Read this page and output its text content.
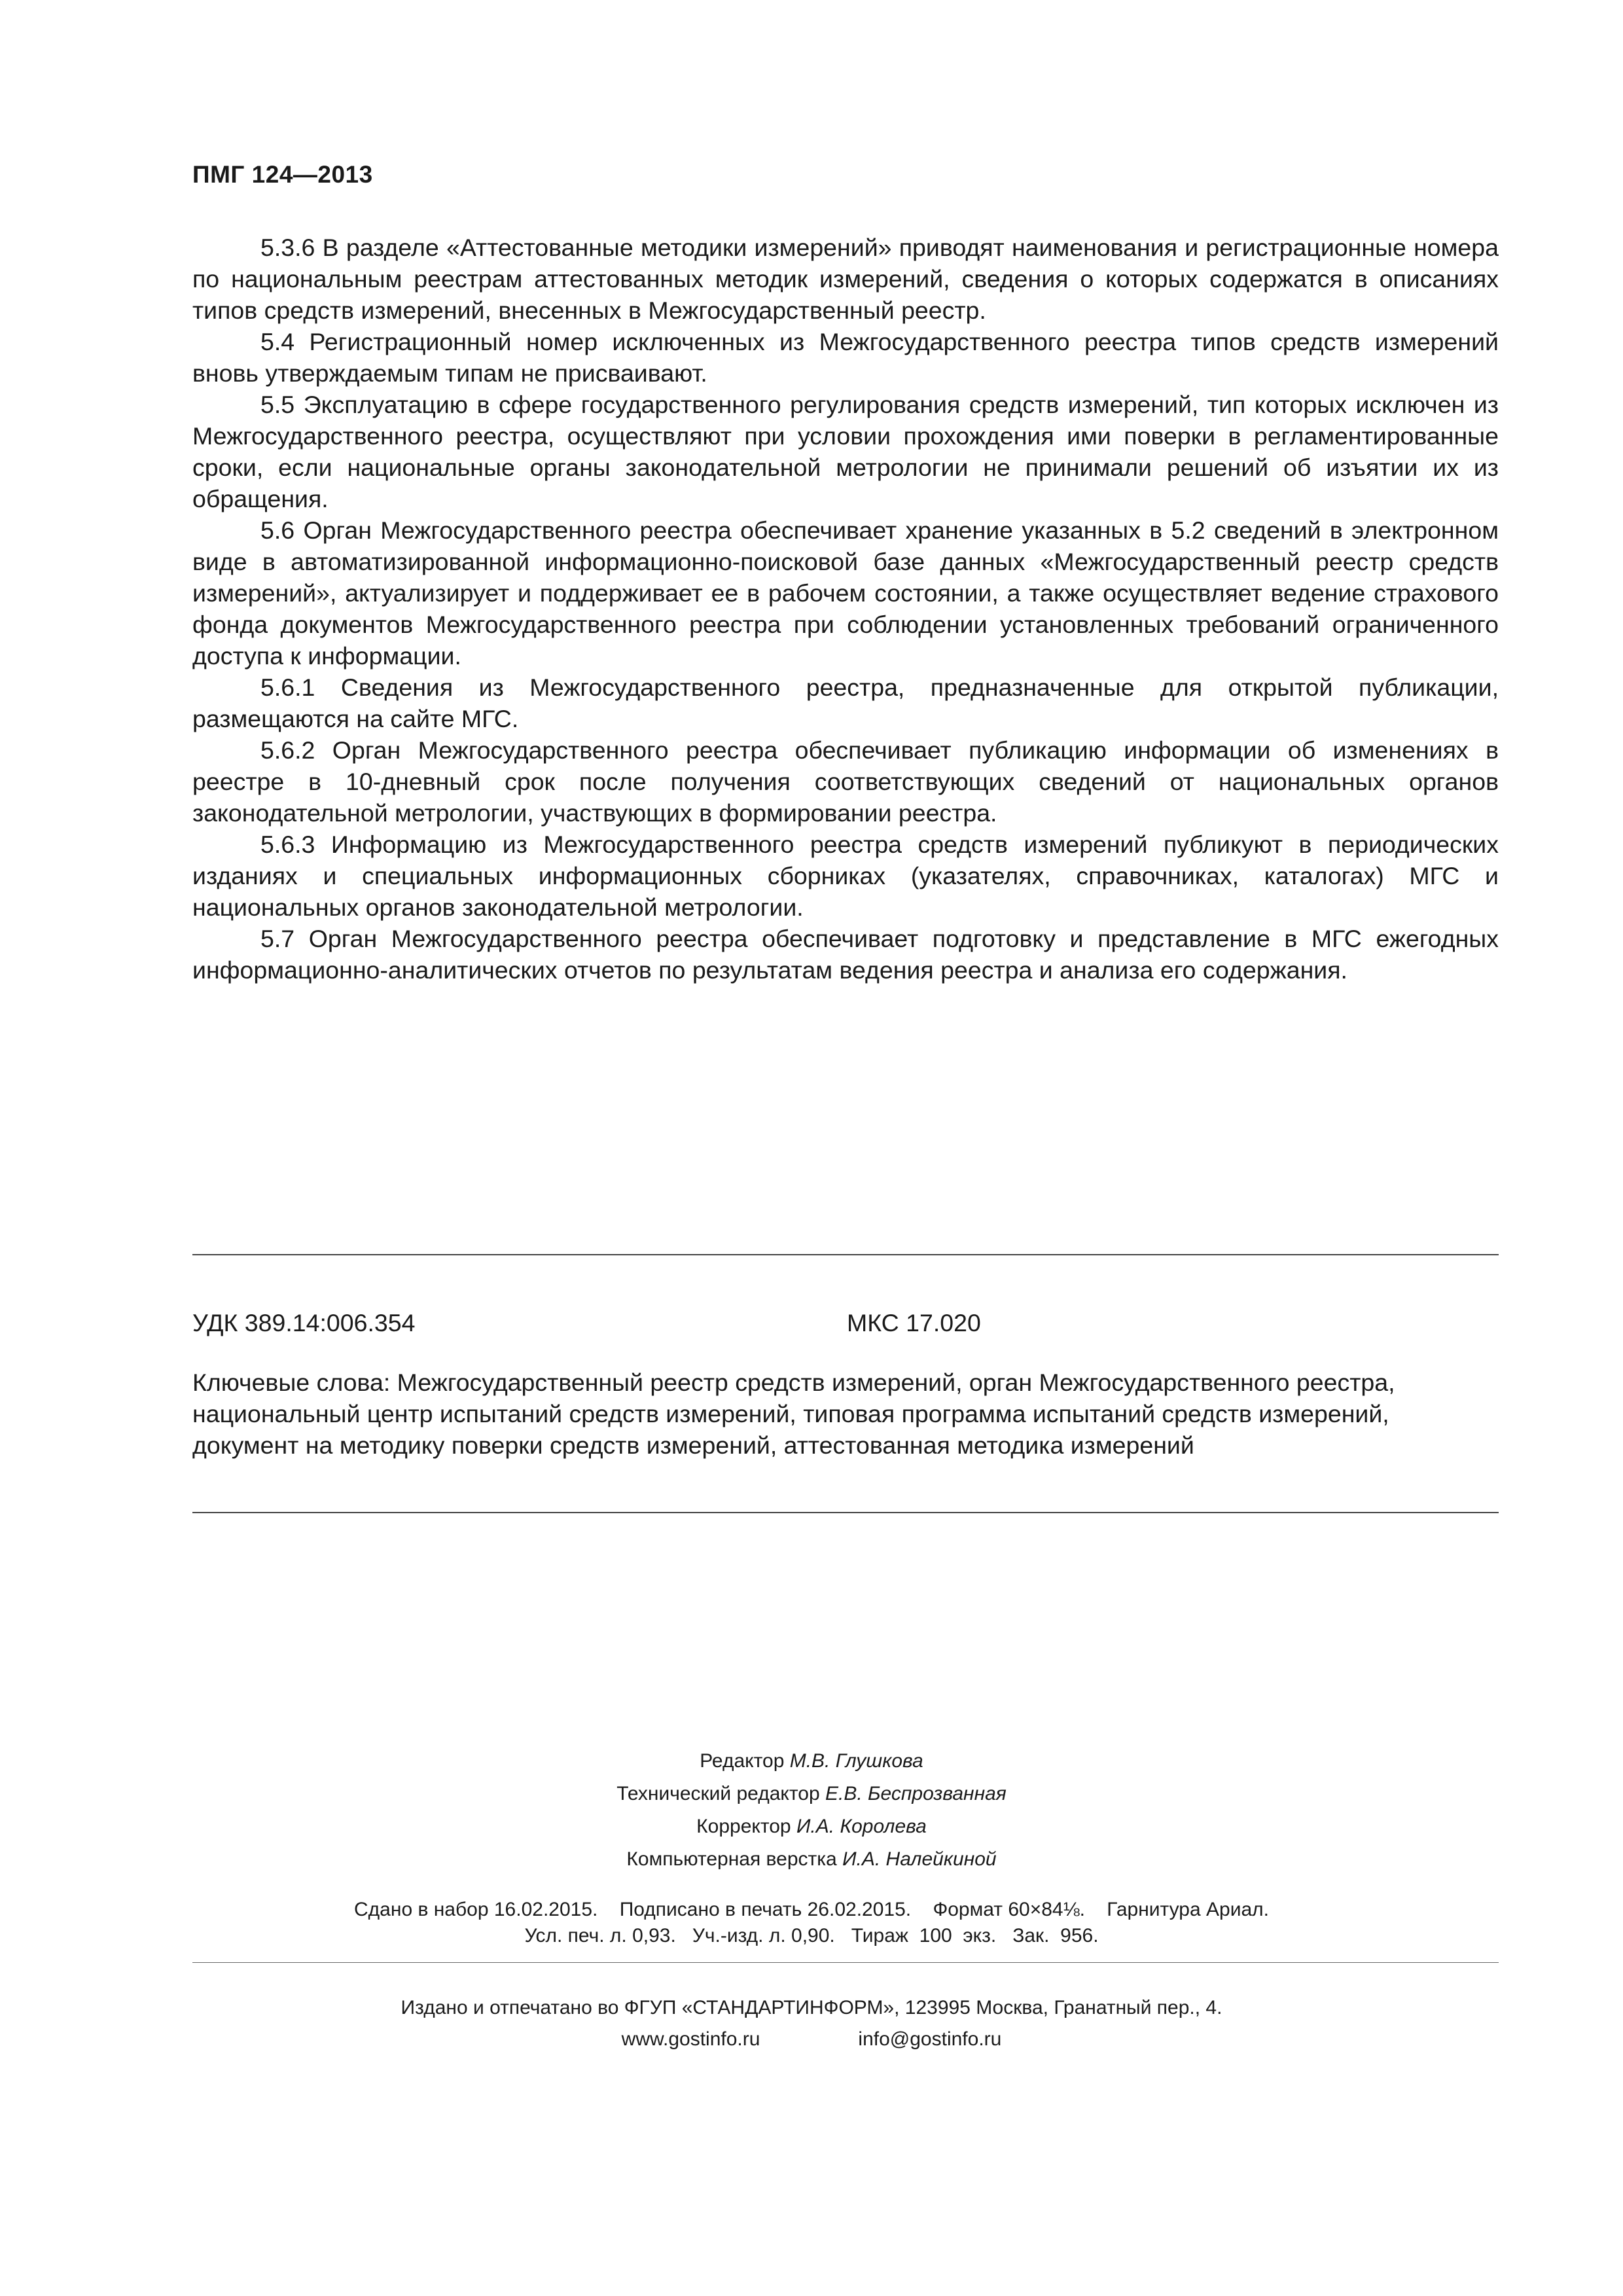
ПМГ 124—2013

5.3.6 В разделе «Аттестованные методики измерений» приводят наименования и регистрационные номера по национальным реестрам аттестованных методик измерений, сведения о которых содержатся в описаниях типов средств измерений, внесенных в Межгосударственный реестр.

5.4 Регистрационный номер исключенных из Межгосударственного реестра типов средств измерений вновь утверждаемым типам не присваивают.

5.5 Эксплуатацию в сфере государственного регулирования средств измерений, тип которых исключен из Межгосударственного реестра, осуществляют при условии прохождения ими поверки в регламентированные сроки, если национальные органы законодательной метрологии не принимали решений об изъятии их из обращения.

5.6 Орган Межгосударственного реестра обеспечивает хранение указанных в 5.2 сведений в электронном виде в автоматизированной информационно-поисковой базе данных «Межгосударственный реестр средств измерений», актуализирует и поддерживает ее в рабочем состоянии, а также осуществляет ведение страхового фонда документов Межгосударственного реестра при соблюдении установленных требований ограниченного доступа к информации.

5.6.1 Сведения из Межгосударственного реестра, предназначенные для открытой публикации, размещаются на сайте МГС.

5.6.2 Орган Межгосударственного реестра обеспечивает публикацию информации об изменениях в реестре в 10-дневный срок после получения соответствующих сведений от национальных органов законодательной метрологии, участвующих в формировании реестра.

5.6.3 Информацию из Межгосударственного реестра средств измерений публикуют в периодических изданиях и специальных информационных сборниках (указателях, справочниках, каталогах) МГС и национальных органов законодательной метрологии.

5.7 Орган Межгосударственного реестра обеспечивает подготовку и представление в МГС ежегодных информационно-аналитических отчетов по результатам ведения реестра и анализа его содержания.

УДК 389.14:006.354	МКС 17.020

Ключевые слова: Межгосударственный реестр средств измерений, орган Межгосударственного реестра, национальный центр испытаний средств измерений, типовая программа испытаний средств измерений, документ на методику поверки средств измерений, аттестованная методика измерений

Редактор М.В. Глушкова
Технический редактор Е.В. Беспрозванная
Корректор И.А. Королева
Компьютерная верстка И.А. Налейкиной
Сдано в набор 16.02.2015.    Подписано в печать 26.02.2015.    Формат 60×84⅛.    Гарнитура Ариал.
Усл. печ. л. 0,93.   Уч.-изд. л. 0,90.   Тираж  100  экз.   Зак.  956.
Издано и отпечатано во ФГУП «СТАНДАРТИНФОРМ», 123995 Москва, Гранатный пер., 4.
www.gostinfo.ru	info@gostinfo.ru
